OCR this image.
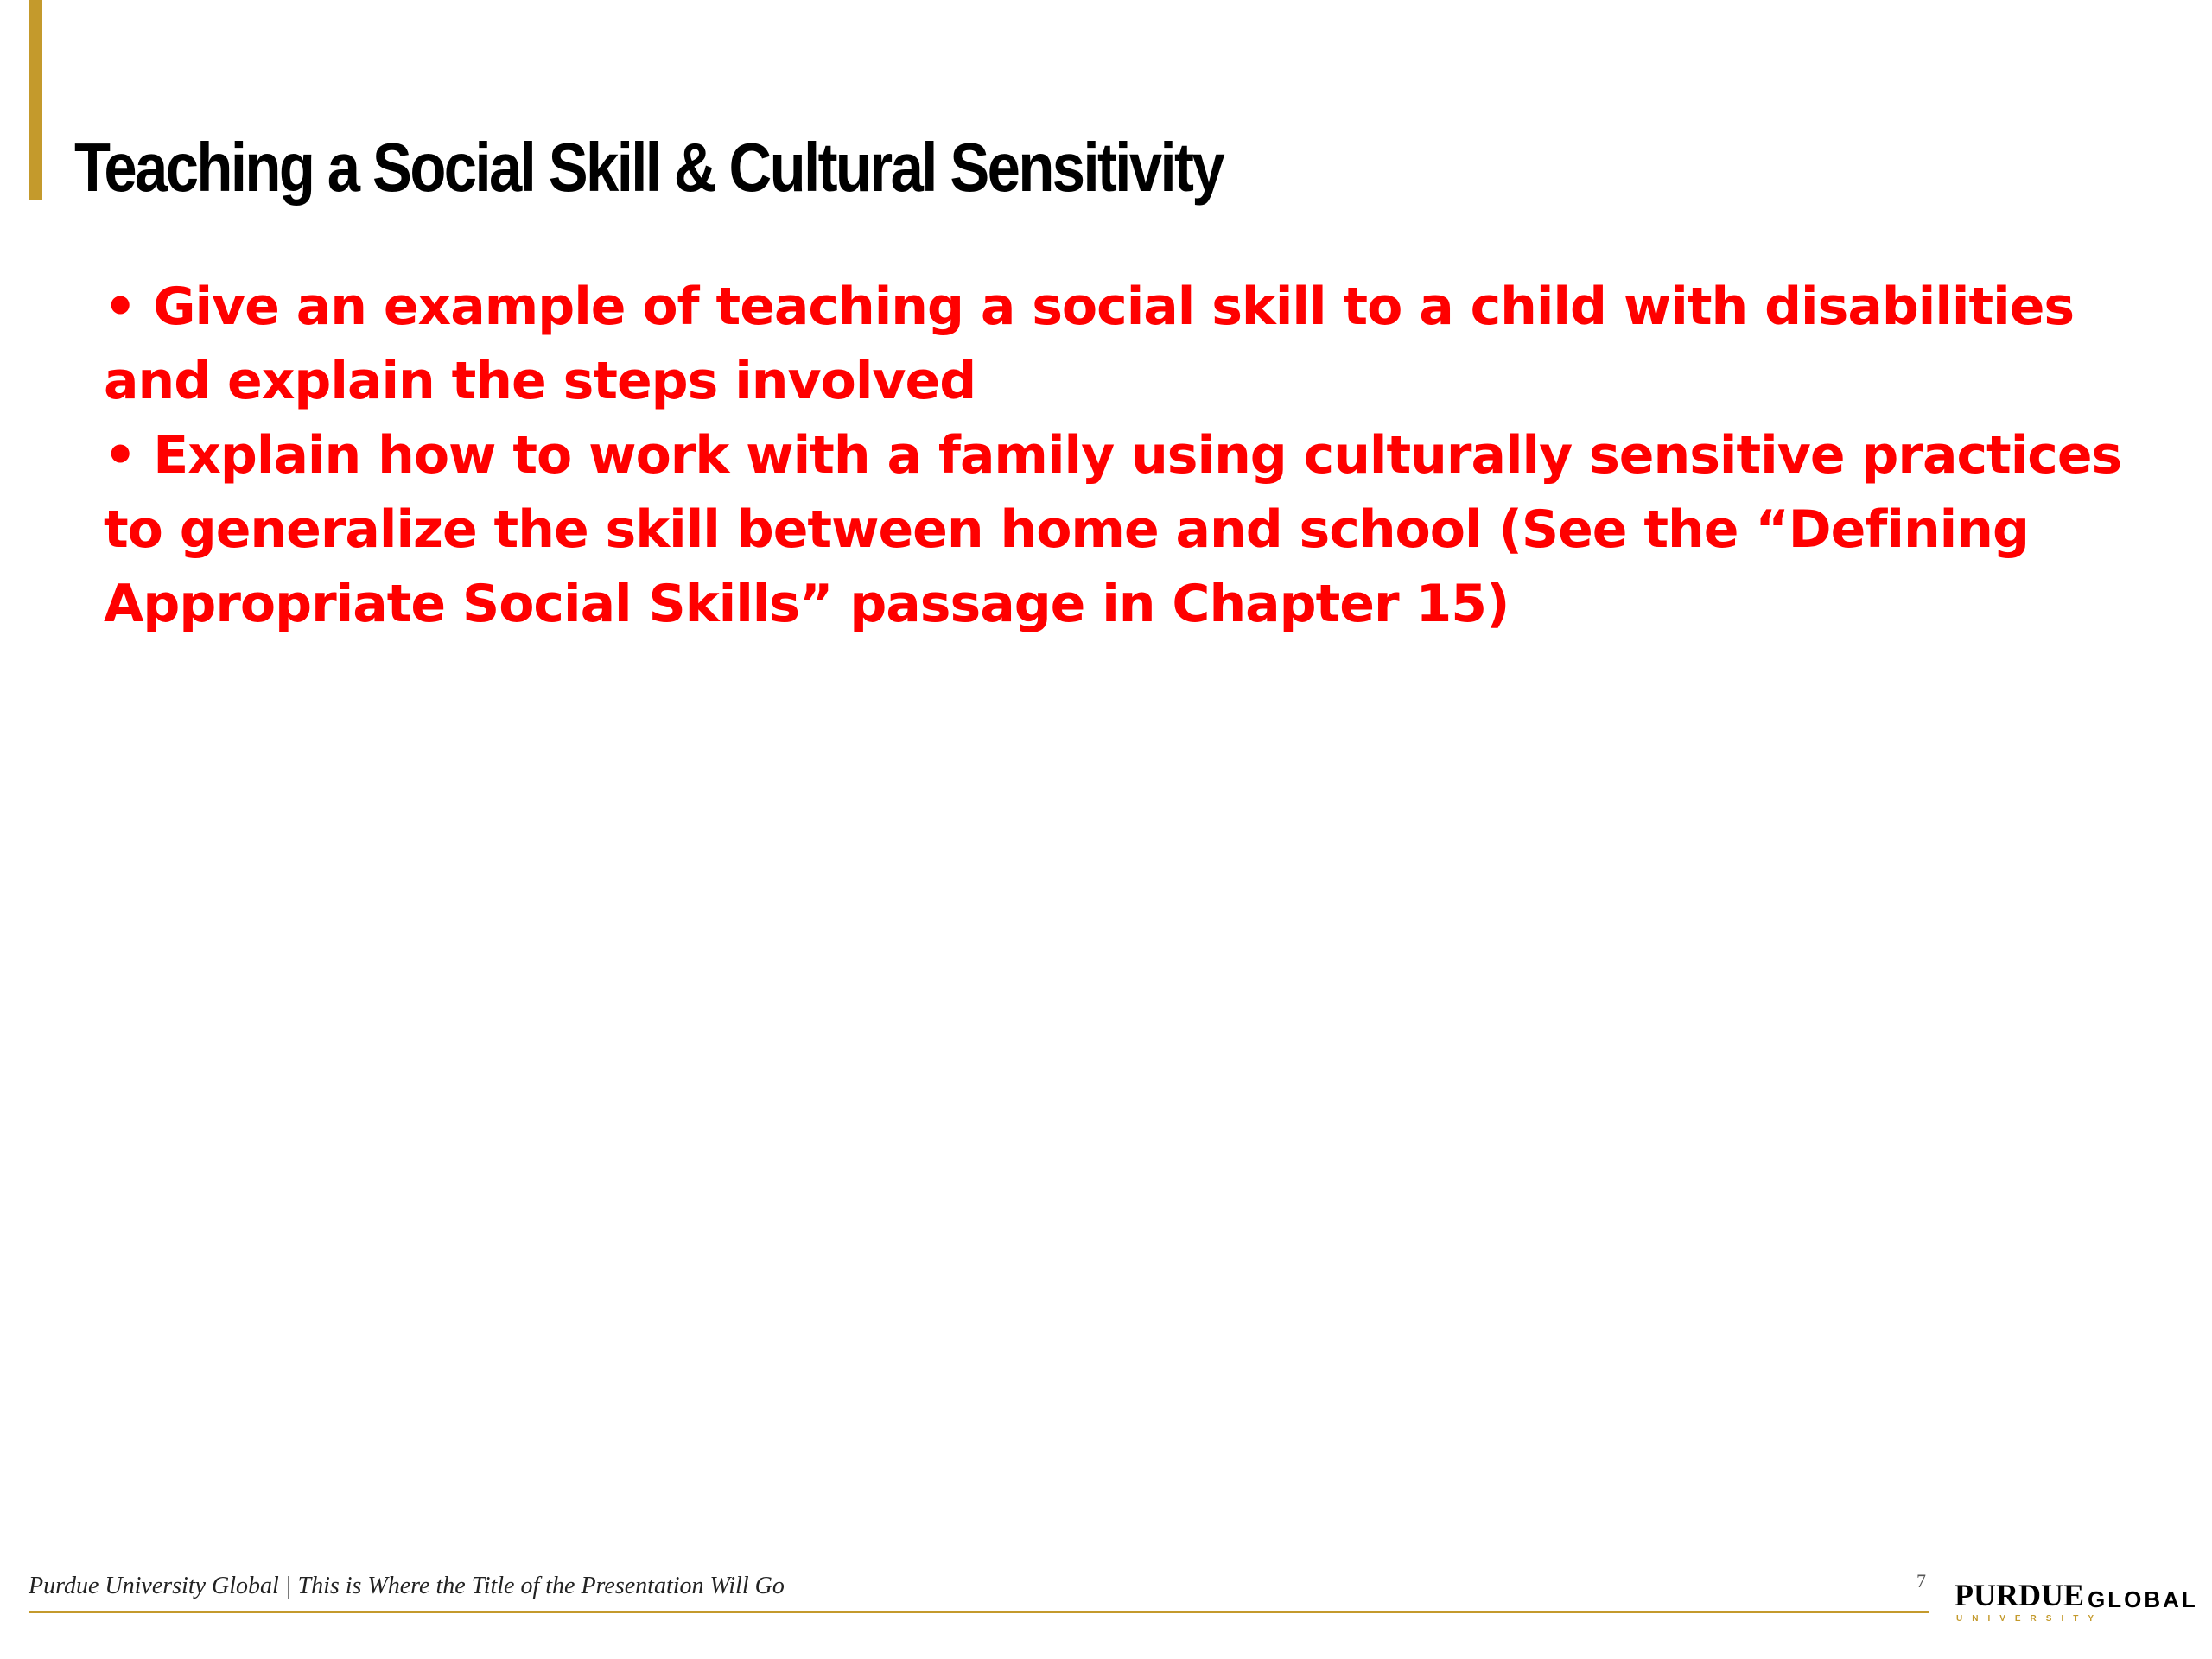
Teaching a Social Skill & Cultural Sensitivity
• Give an example of teaching a social skill to a child with disabilities and explain the steps involved
• Explain how to work with a family using culturally sensitive practices to generalize the skill between home and school (See the “Defining Appropriate Social Skills” passage in Chapter 15)
Purdue University Global | This is Where the Title of the Presentation Will Go	7 PURDUE GLOBAL
UNIVERSITY
